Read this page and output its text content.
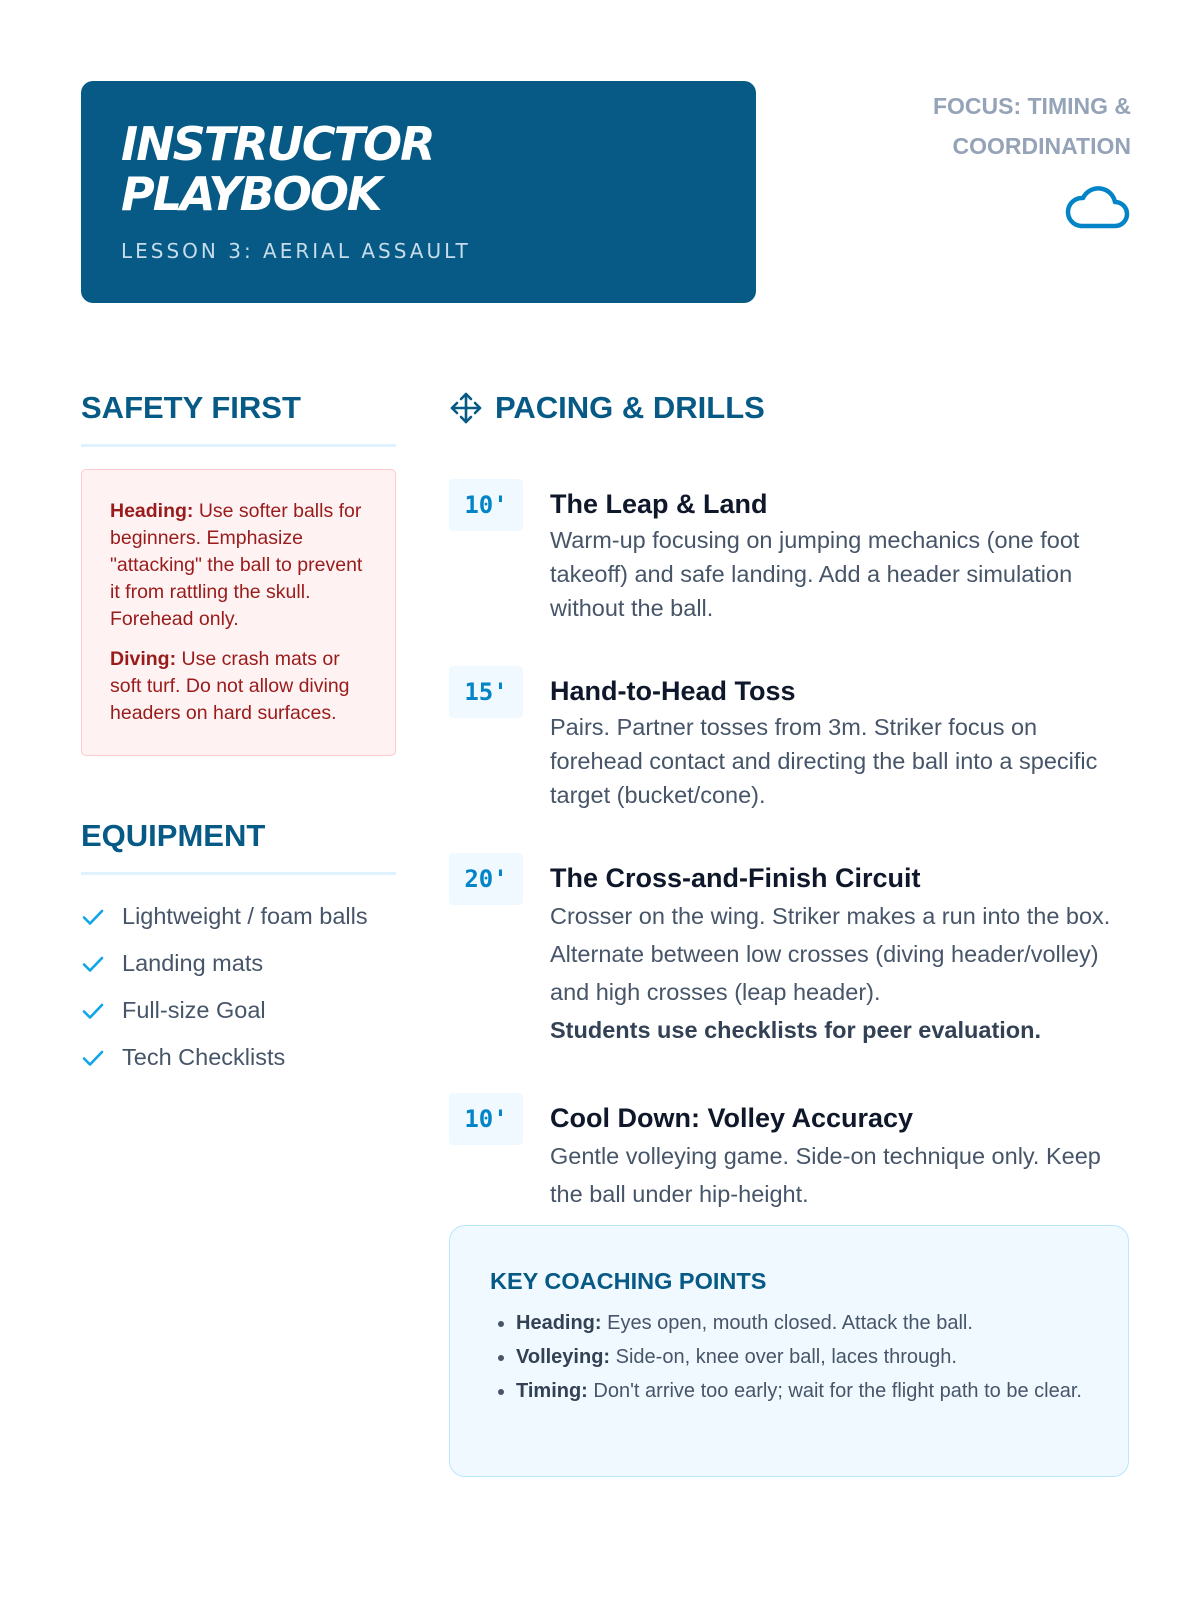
INSTRUCTOR PLAYBOOK
LESSON 3: AERIAL ASSAULT
FOCUS: TIMING & COORDINATION
SAFETY FIRST

Heading: Use softer balls for beginners. Emphasize "attacking" the ball to prevent it from rattling the skull. Forehead only.

Diving: Use crash mats or soft turf. Do not allow diving headers on hard surfaces.

EQUIPMENT
Lightweight / foam balls
Landing mats
Full-size Goal
Tech Checklists
PACING & DRILLS
10'	The Leap & Land
Warm-up focusing on jumping mechanics (one foot takeoff) and safe landing. Add a header simulation without the ball.
15'	Hand-to-Head Toss
Pairs. Partner tosses from 3m. Striker focus on forehead contact and directing the ball into a specific target (bucket/cone).
20'	The Cross-and-Finish Circuit
Crosser on the wing. Striker makes a run into the box. Alternate between low crosses (diving header/volley) and high crosses (leap header).
Students use checklists for peer evaluation.
10'	Cool Down: Volley Accuracy
Gentle volleying game. Side-on technique only. Keep the ball under hip-height.
KEY COACHING POINTS
• Heading: Eyes open, mouth closed. Attack the ball.
• Volleying: Side-on, knee over ball, laces through.
• Timing: Don't arrive too early; wait for the flight path to be clear.
